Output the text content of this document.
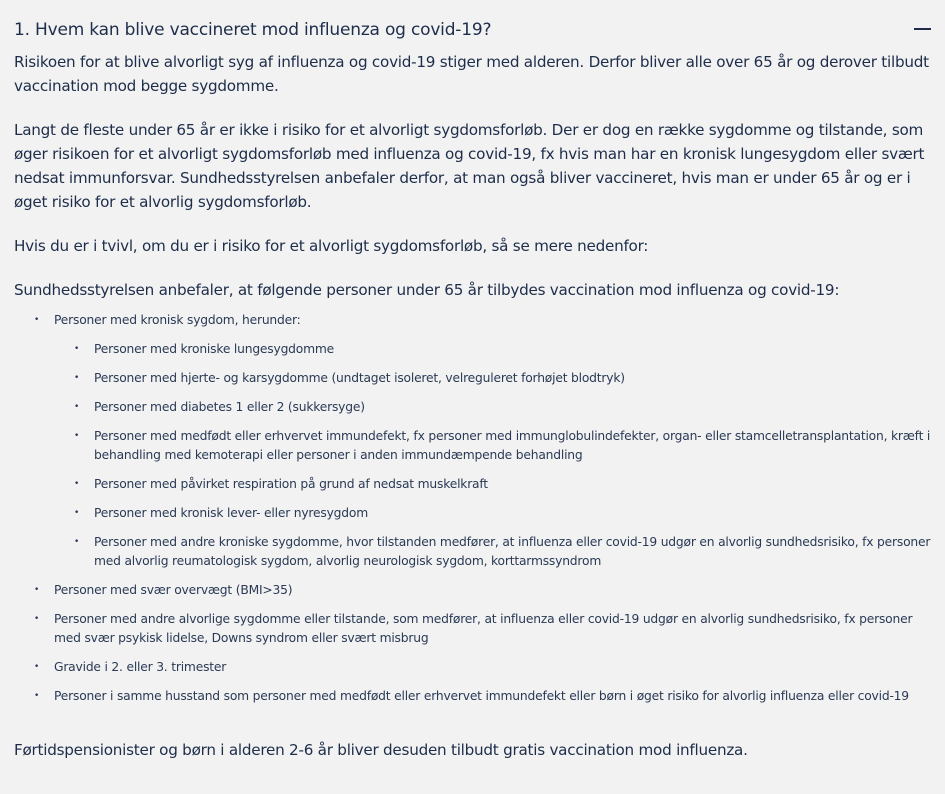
1. Hvem kan blive vaccineret mod influenza og covid-19?

Risikoen for at blive alvorligt syg af influenza og covid-19 stiger med alderen. Derfor bliver alle over 65 år og derover tilbudt vaccination mod begge sygdomme.

Langt de fleste under 65 år er ikke i risiko for et alvorligt sygdomsforløb. Der er dog en række sygdomme og tilstande, som øger risikoen for et alvorligt sygdomsforløb med influenza og covid-19, fx hvis man har en kronisk lungesygdom eller svært nedsat immunforsvar. Sundhedsstyrelsen anbefaler derfor, at man også bliver vaccineret, hvis man er under 65 år og er i øget risiko for et alvorlig sygdomsforløb.

Hvis du er i tvivl, om du er i risiko for et alvorligt sygdomsforløb, så se mere nedenfor:

Sundhedsstyrelsen anbefaler, at følgende personer under 65 år tilbydes vaccination mod influenza og covid-19:

• Personer med kronisk sygdom, herunder:
• Personer med kroniske lungesygdomme
• Personer med hjerte- og karsygdomme (undtaget isoleret, velreguleret forhøjet blodtryk)
• Personer med diabetes 1 eller 2 (sukkersyge)
• Personer med medfødt eller erhvervet immundefekt, fx personer med immunglobulindefekter, organ- eller stamcelletransplantation, kræft i behandling med kemoterapi eller personer i anden immundæmpende behandling
• Personer med påvirket respiration på grund af nedsat muskelkraft
• Personer med kronisk lever- eller nyresygdom
• Personer med andre kroniske sygdomme, hvor tilstanden medfører, at influenza eller covid-19 udgør en alvorlig sundhedsrisiko, fx personer med alvorlig reumatologisk sygdom, alvorlig neurologisk sygdom, korttarmssyndrom
• Personer med svær overvægt (BMI>35)
• Personer med andre alvorlige sygdomme eller tilstande, som medfører, at influenza eller covid-19 udgør en alvorlig sundhedsrisiko, fx personer med svær psykisk lidelse, Downs syndrom eller svært misbrug
• Gravide i 2. eller 3. trimester
• Personer i samme husstand som personer med medfødt eller erhvervet immundefekt eller børn i øget risiko for alvorlig influenza eller covid-19

Førtidspensionister og børn i alderen 2-6 år bliver desuden tilbudt gratis vaccination mod influenza.
